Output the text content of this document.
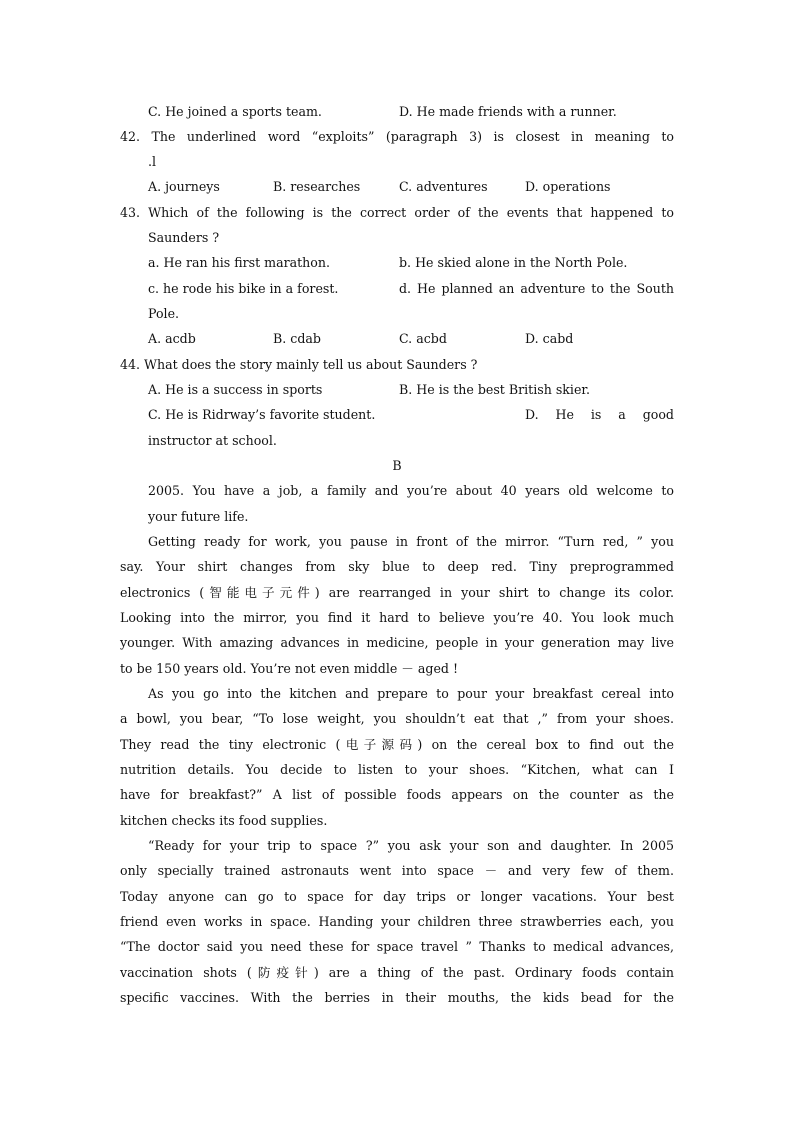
C. He joined a sports team.	D. He made friends with a runner.
42. The underlined word “exploits” (paragraph 3) is closest in meaning to
.l
A. journeys	B. researches	C. adventures	D. operations
43. Which of the following is the correct order of the events that happened to
Saunders ?
a. He ran his first marathon.	b. He skied alone in the North Pole.
c. he rode his bike in a forest.	d. He planned an adventure to the South
Pole.
A. acdb	B. cdab	C. acbd	D. cabd
44. What does the story mainly tell us about Saunders ?
A. He is a success in sports	B. He is the best British skier.
C. He is Ridrway’s favorite student.	D. He is a good
instructor at school.
B
2005. You have a job, a family and you’re about 40 years old welcome to
your future life.
Getting ready for work, you pause in front of the mirror. “Turn red, ” you
say. Your shirt changes from sky blue to deep red. Tiny preprogrammed
electronics (智能电子元件) are rearranged in your shirt to change its color.
Looking into the mirror, you find it hard to believe you’re 40. You look much
younger. With amazing advances in medicine, people in your generation may live
to be 150 years old. You’re not even middle － aged !
As you go into the kitchen and prepare to pour your breakfast cereal into
a bowl, you bear, “To lose weight, you shouldn’t eat that ,” from your shoes.
They read the tiny electronic (电子源码) on the cereal box to find out the
nutrition details. You decide to listen to your shoes. “Kitchen, what can I
have for breakfast?” A list of possible foods appears on the counter as the
kitchen checks its food supplies.
“Ready for your trip to space ?” you ask your son and daughter. In 2005
only specially trained astronauts went into space － and very few of them.
Today anyone can go to space for day trips or longer vacations. Your best
friend even works in space. Handing your children three strawberries each, you
“The doctor said you need these for space travel ” Thanks to medical advances,
vaccination shots (防疫针) are a thing of the past. Ordinary foods contain
specific vaccines. With the berries in their mouths, the kids bead for the
